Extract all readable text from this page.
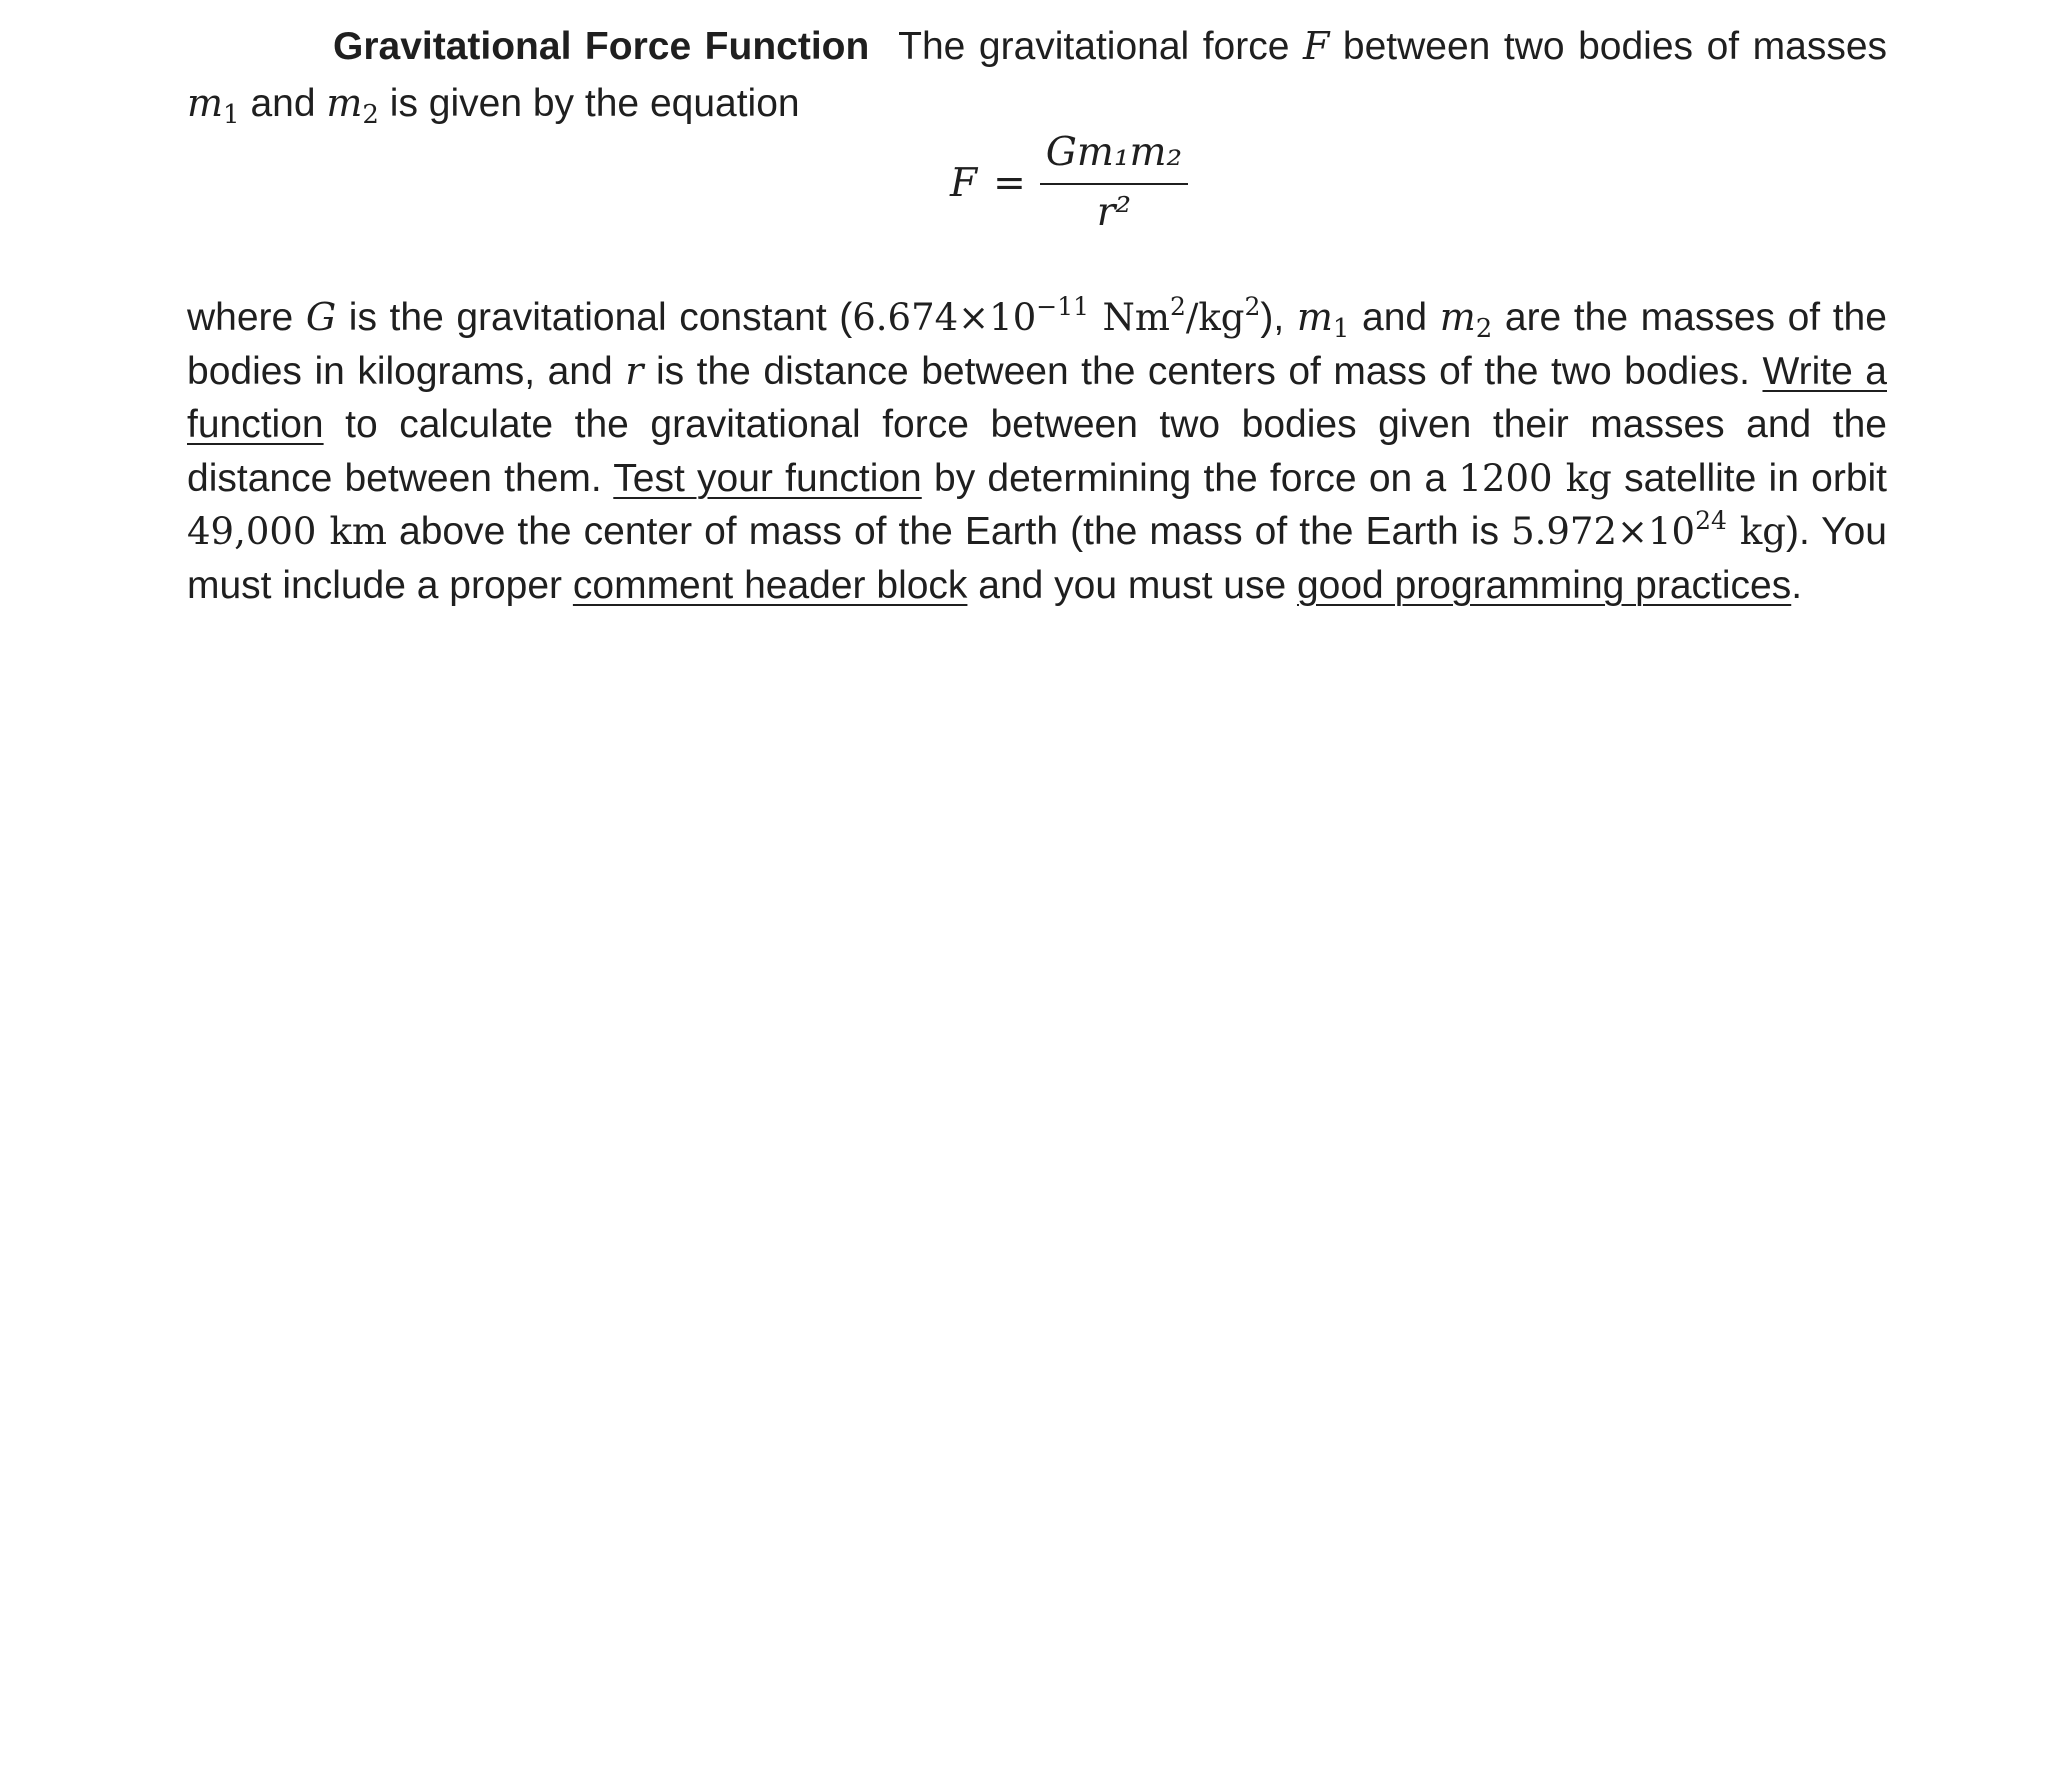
Gravitational Force Function The gravitational force F between two bodies of masses $m_1$ and $m_2$ is given by the equation

$F = \frac{\text{Gm₁m₂}}{\text{r²}}$

where G is the gravitational constant ($6.674\times 10^{-11}$ $Nm^2/kg^2$), $m_1$ and $m_2$ are the masses of the bodies in kilograms, and r is the distance between the centers of mass of the two bodies. Write a function to calculate the gravitational force between two bodies given their masses and the distance between them. Test your function by determining the force on a 1200 kg satellite in orbit 49,000 km above the center of mass of the Earth (the mass of the Earth is $5.972\times 10^{24}$ kg). You must include a proper comment header block and you must use good programming practices.
